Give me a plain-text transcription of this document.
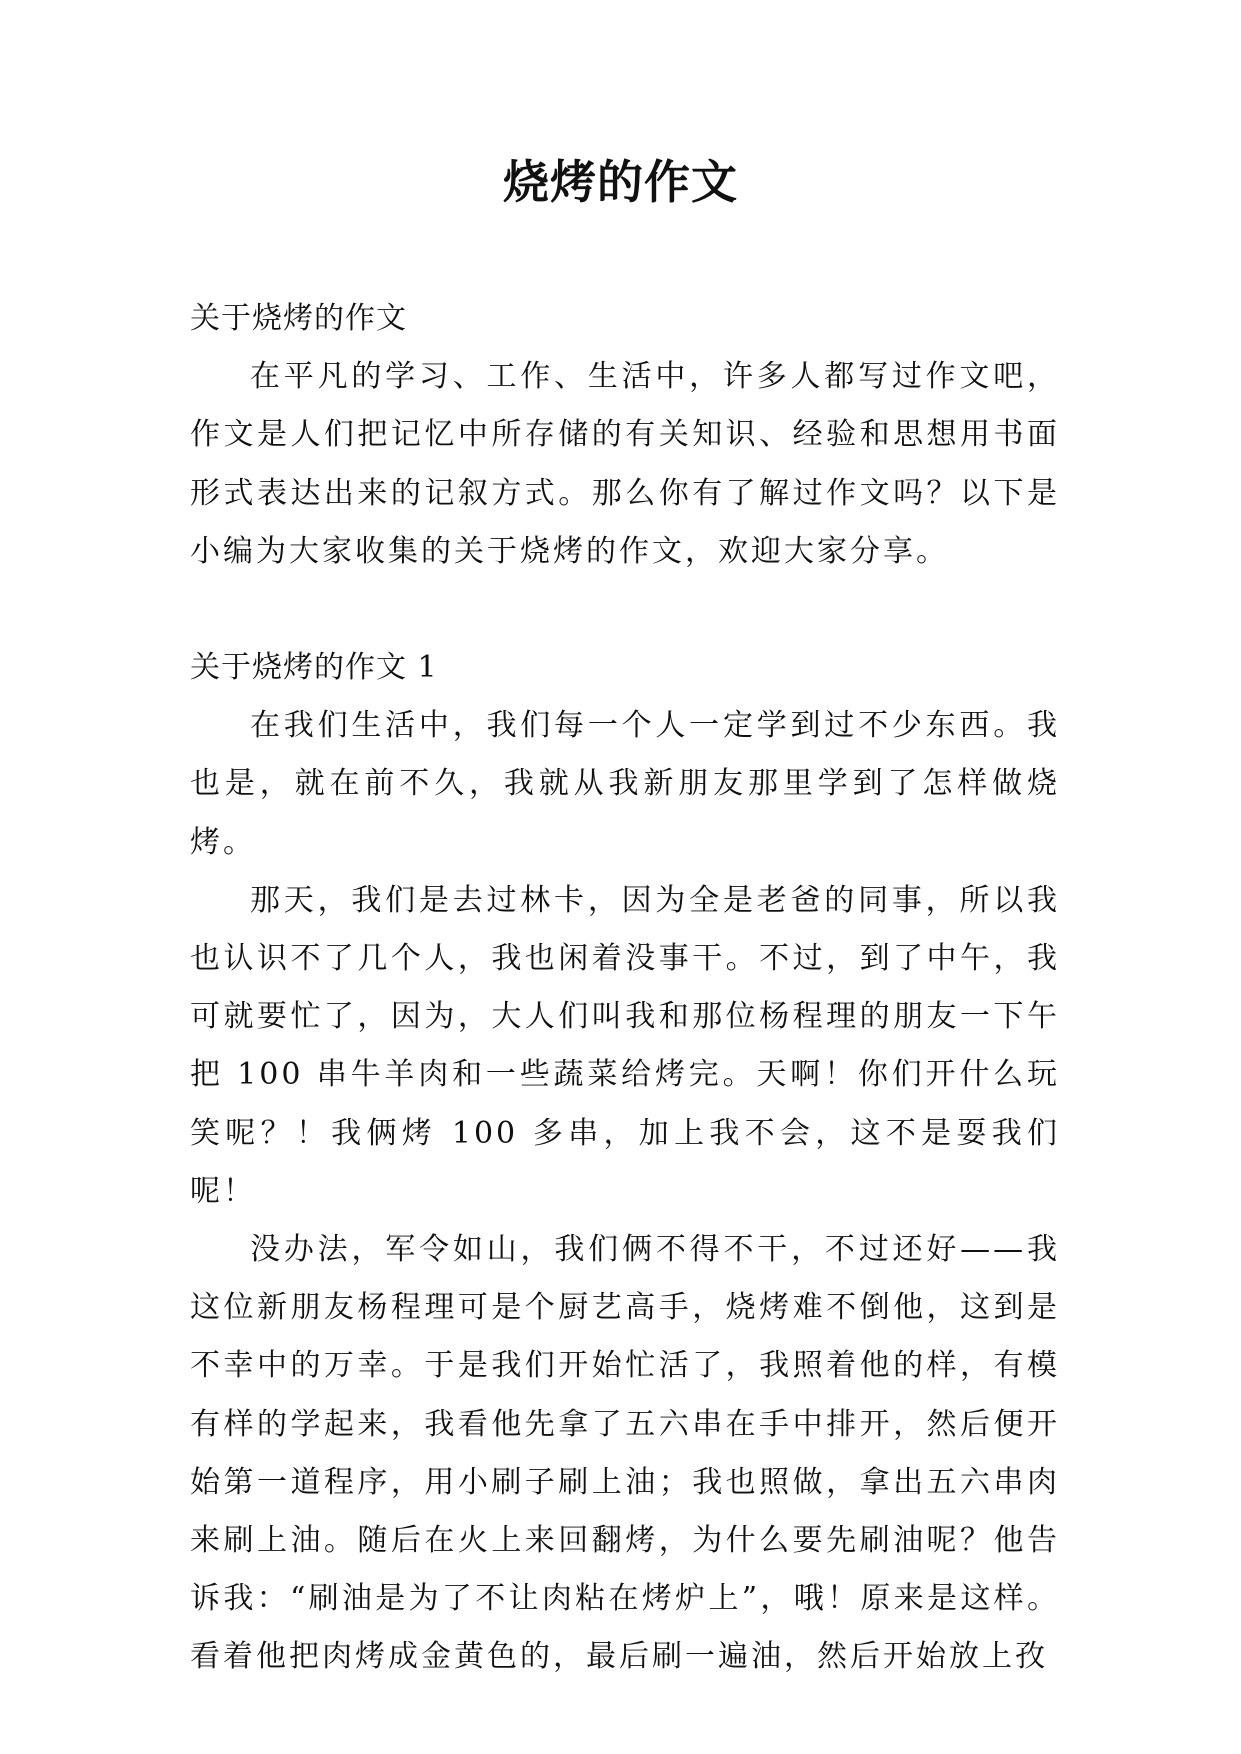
烧烤的作文

关于烧烤的作文

在平凡的学习、工作、生活中，许多人都写过作文吧，作文是人们把记忆中所存储的有关知识、经验和思想用书面形式表达出来的记叙方式。那么你有了解过作文吗？以下是小编为大家收集的关于烧烤的作文，欢迎大家分享。

关于烧烤的作文 1

在我们生活中，我们每一个人一定学到过不少东西。我也是，就在前不久，我就从我新朋友那里学到了怎样做烧烤。

那天，我们是去过林卡，因为全是老爸的同事，所以我也认识不了几个人，我也闲着没事干。不过，到了中午，我可就要忙了，因为，大人们叫我和那位杨程理的朋友一下午把 100 串牛羊肉和一些蔬菜给烤完。天啊！你们开什么玩笑呢？！我俩烤 100 多串，加上我不会，这不是耍我们呢！

没办法，军令如山，我们俩不得不干，不过还好——我这位新朋友杨程理可是个厨艺高手，烧烤难不倒他，这到是不幸中的万幸。于是我们开始忙活了，我照着他的样，有模有样的学起来，我看他先拿了五六串在手中排开，然后便开始第一道程序，用小刷子刷上油；我也照做，拿出五六串肉来刷上油。随后在火上来回翻烤，为什么要先刷油呢？他告诉我：“刷油是为了不让肉粘在烤炉上”，哦！原来是这样。看着他把肉烤成金黄色的，最后刷一遍油，然后开始放上孜
